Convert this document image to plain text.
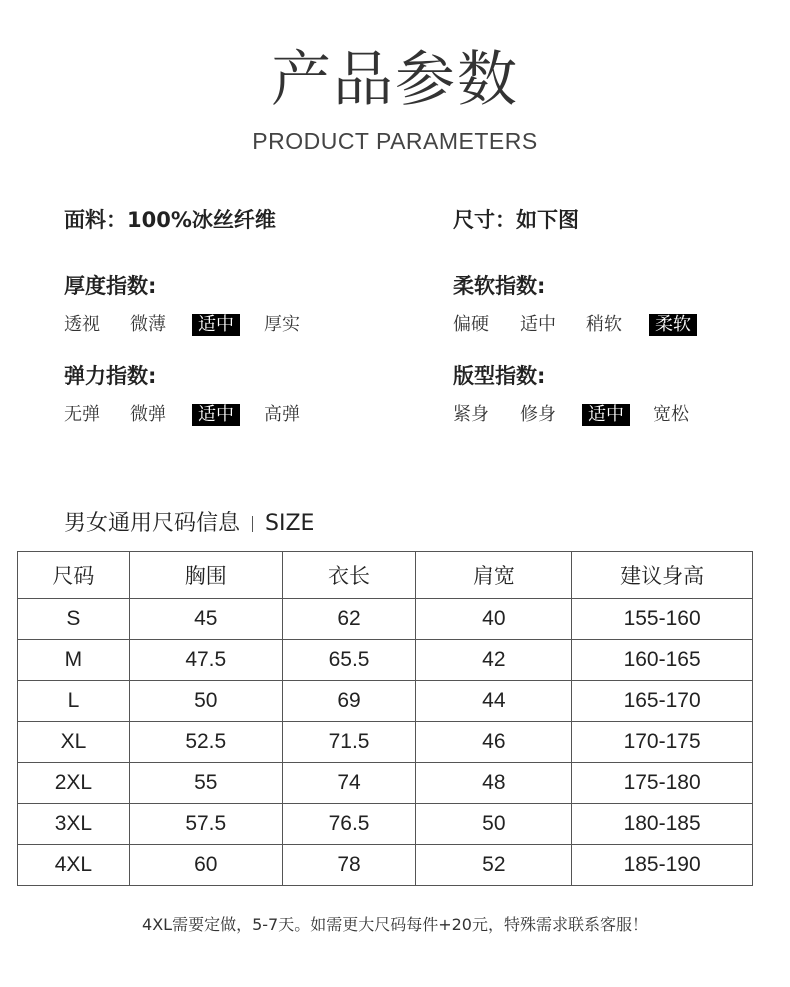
产品参数
PRODUCT PARAMETERS
面料：100%冰丝纤维	尺寸：如下图
厚度指数:
透视 微薄	适中	厚实
柔软指数:
偏硬 适中 稍软	柔软
弹力指数:
无弹 微弹	适中	高弹
版型指数:
紧身 修身	适中	宽松
男女通用尺码信息 SIZE
尺码	胸围	衣长	肩宽	建议身高
S	45	62	40	155-160
M	47.5	65.5	42	160-165
L	50	69	44	165-170
XL	52.5	71.5	46	170-175
2XL	55	74	48	175-180
3XL	57.5	76.5	50	180-185
4XL	60	78	52	185-190
4XL需要定做，5-7天。如需更大尺码每件+20元，特殊需求联系客服！
